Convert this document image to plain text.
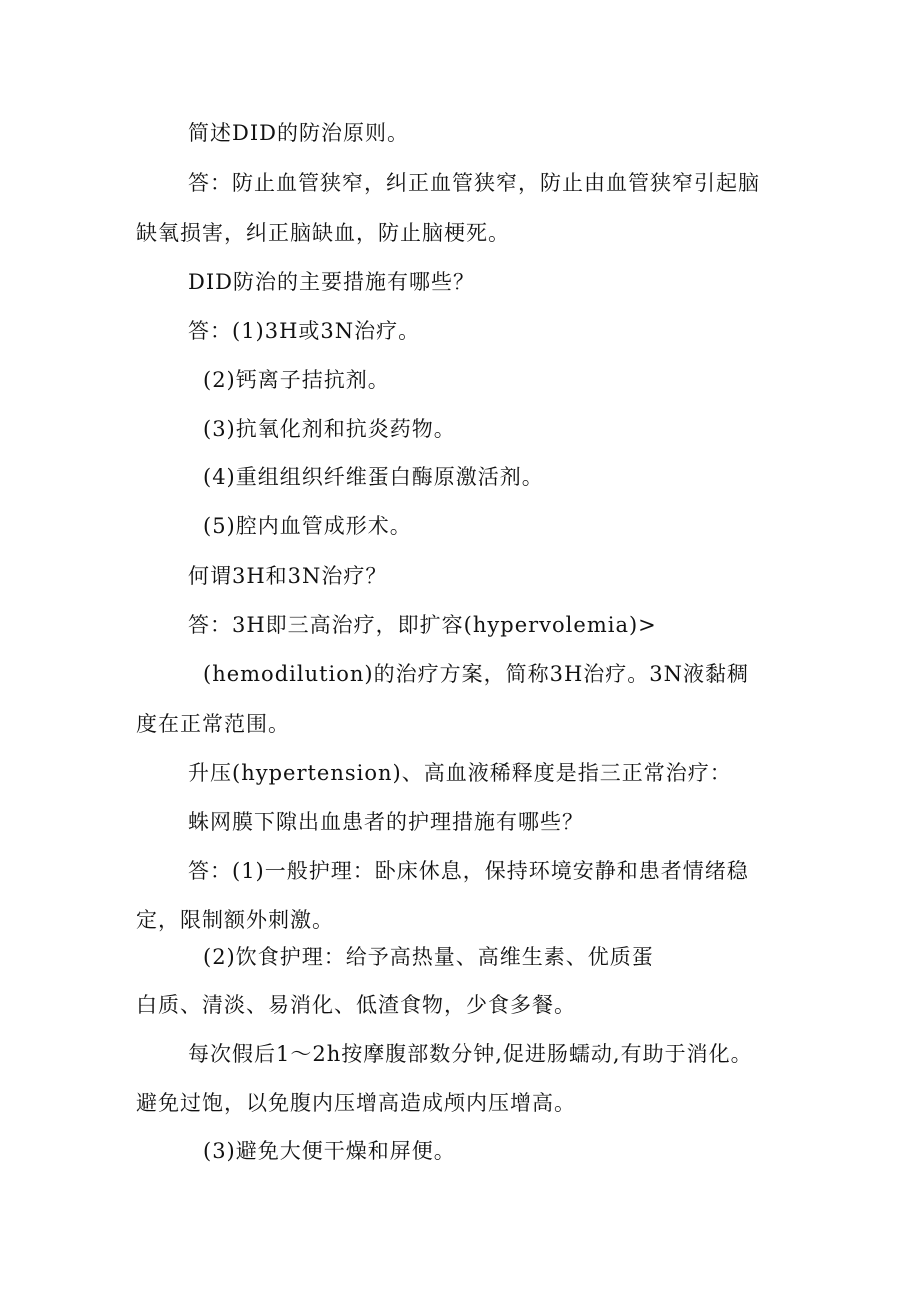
简述DID的防治原则。

答：防止血管狭窄，纠正血管狭窄，防止由血管狭窄引起脑

缺氧损害，纠正脑缺血，防止脑梗死。

DID防治的主要措施有哪些？

答：(1)3H或3N治疗。

(2)钙离子拮抗剂。

(3)抗氧化剂和抗炎药物。

(4)重组组织纤维蛋白酶原激活剂。

(5)腔内血管成形术。

何谓3H和3N治疗？

答：3H即三高治疗，即扩容(hypervolemia)>

(hemodilution)的治疗方案，简称3H治疗。3N液黏稠

度在正常范围。

升压(hypertension)、高血液稀释度是指三正常治疗：

蛛网膜下隙出血患者的护理措施有哪些？

答：(1)一般护理：卧床休息，保持环境安静和患者情绪稳

定，限制额外刺激。

(2)饮食护理：给予高热量、高维生素、优质蛋

白质、清淡、易消化、低渣食物，少食多餐。

每次假后1～2h按摩腹部数分钟,促进肠蠕动,有助于消化。

避免过饱，以免腹内压增高造成颅内压增高。

(3)避免大便干燥和屏便。
